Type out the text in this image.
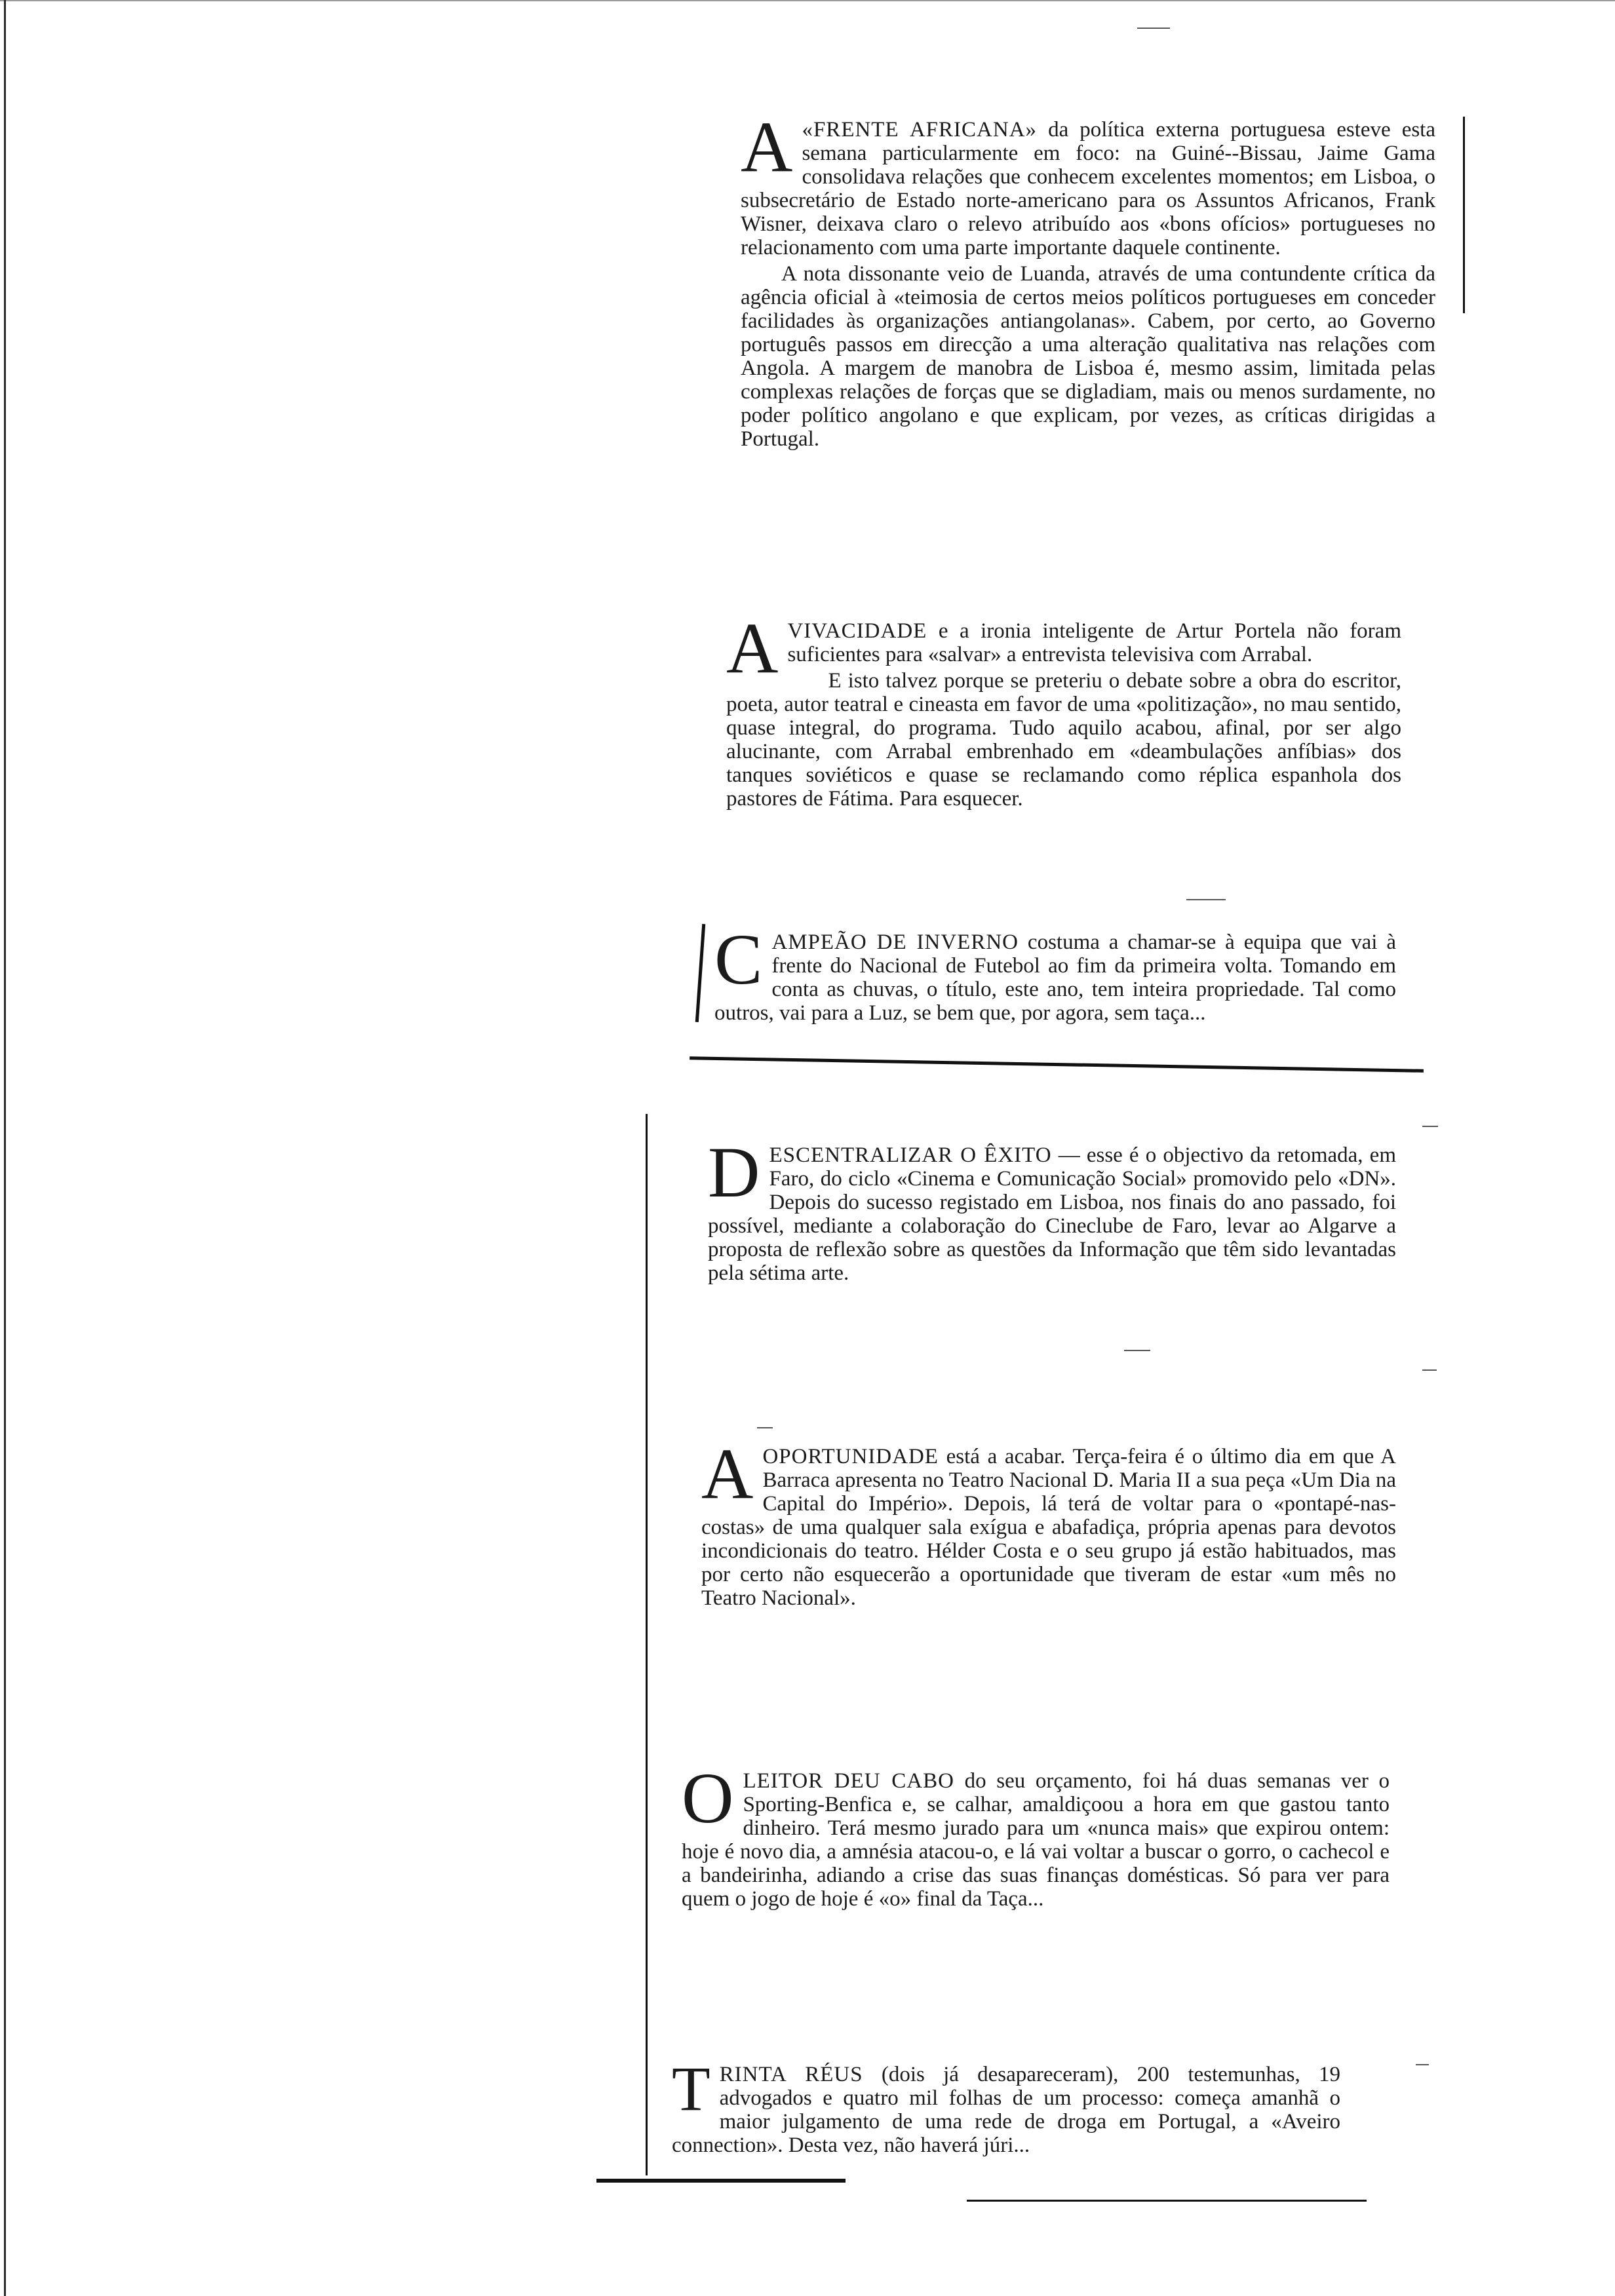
A «FRENTE AFRICANA» da política externa portuguesa esteve esta semana particularmente em foco: na Guiné--Bissau, Jaime Gama consolidava relações que conhecem excelentes momentos; em Lisboa, o subsecretário de Estado norte-americano para os Assuntos Africanos, Frank Wisner, deixava claro o relevo atribuído aos «bons ofícios» portugueses no relacionamento com uma parte importante daquele continente.

A nota dissonante veio de Luanda, através de uma contundente crítica da agência oficial à «teimosia de certos meios políticos portugueses em conceder facilidades às organizações antiangolanas». Cabem, por certo, ao Governo português passos em direcção a uma alteração qualitativa nas relações com Angola. A margem de manobra de Lisboa é, mesmo assim, limitada pelas complexas relações de forças que se digladiam, mais ou menos surdamente, no poder político angolano e que explicam, por vezes, as críticas dirigidas a Portugal.

A VIVACIDADE e a ironia inteligente de Artur Portela não foram suficientes para «salvar» a entrevista televisiva com Arrabal.

E isto talvez porque se preteriu o debate sobre a obra do escritor, poeta, autor teatral e cineasta em favor de uma «politização», no mau sentido, quase integral, do programa. Tudo aquilo acabou, afinal, por ser algo alucinante, com Arrabal embrenhado em «deambulações anfíbias» dos tanques soviéticos e quase se reclamando como réplica espanhola dos pastores de Fátima. Para esquecer.

C AMPEÃO DE INVERNO costuma a chamar-se à equipa que vai à frente do Nacional de Futebol ao fim da primeira volta. Tomando em conta as chuvas, o título, este ano, tem inteira propriedade. Tal como outros, vai para a Luz, se bem que, por agora, sem taça...

D ESCENTRALIZAR O ÊXITO — esse é o objectivo da retomada, em Faro, do ciclo «Cinema e Comunicação Social» promovido pelo «DN». Depois do sucesso registado em Lisboa, nos finais do ano passado, foi possível, mediante a colaboração do Cineclube de Faro, levar ao Algarve a proposta de reflexão sobre as questões da Informação que têm sido levantadas pela sétima arte.

A OPORTUNIDADE está a acabar. Terça-feira é o último dia em que A Barraca apresenta no Teatro Nacional D. Maria II a sua peça «Um Dia na Capital do Império». Depois, lá terá de voltar para o «pontapé-nas-costas» de uma qualquer sala exígua e abafadiça, própria apenas para devotos incondicionais do teatro. Hélder Costa e o seu grupo já estão habituados, mas por certo não esquecerão a oportunidade que tiveram de estar «um mês no Teatro Nacional».

O LEITOR DEU CABO do seu orçamento, foi há duas semanas ver o Sporting-Benfica e, se calhar, amaldiçoou a hora em que gastou tanto dinheiro. Terá mesmo jurado para um «nunca mais» que expirou ontem: hoje é novo dia, a amnésia atacou-o, e lá vai voltar a buscar o gorro, o cachecol e a bandeirinha, adiando a crise das suas finanças domésticas. Só para ver para quem o jogo de hoje é «o» final da Taça...

T RINTA RÉUS (dois já desapareceram), 200 testemunhas, 19 advogados e quatro mil folhas de um processo: começa amanhã o maior julgamento de uma rede de droga em Portugal, a «Aveiro connection». Desta vez, não haverá júri...
